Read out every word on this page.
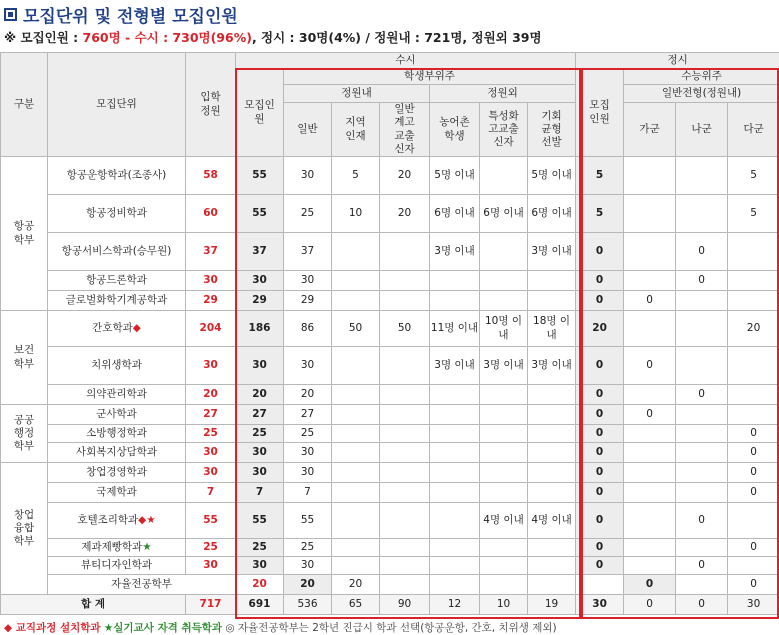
모집단위 및 전형별 모집인원
※ 모집인원 : 760명 - 수시 : 730명(96%), 정시 : 30명(4%) / 정원내 : 721명, 정원외 39명
구분	모집단위	입학정원	수시							정시				
			모집인원	학생부위주						모집인원	수능위주			
				정원내			정원외				일반전형(정원내)			
				일반	지역인재	일반계고교출신자	농어촌학생	특성화고교출신자	기회균형선발		가군	나군	다군	
항공학부	항공운항학과(조종사)	58	55	30	5	20	5명 이내		5명 이내	5			5	
	항공정비학과	60	55	25	10	20	6명 이내	6명 이내	6명 이내	5			5	
	항공서비스학과(승무원)	37	37	37			3명 이내		3명 이내	0		0		
	항공드론학과	30	30	30						0		0		
	글로벌화학기계공학과	29	29	29						0	0			
보건학부	간호학과◆	204	186	86	50	50	11명 이내	10명 이내	18명 이내	20			20	
	치위생학과	30	30	30			3명 이내	3명 이내	3명 이내	0	0			
	의약관리학과	20	20	20						0		0		
공공행정학부	군사학과	27	27	27						0	0			
	소방행정학과	25	25	25						0			0	
	사회복지상담학과	30	30	30						0			0	
창업융합학부	창업경영학과	30	30	30						0			0	
	국제학과	7	7	7						0			0	
	호텔조리학과◆★	55	55	55				4명 이내	4명 이내	0		0		
	제과제빵학과★	25	25	25						0			0	
	뷰티디자인학과	30	30	30						0		0		
	자율전공학부		20	20	20						0		0	
합 계		717	691	536	65	90	12	10	19	30	0	0	30	
◆ 교직과정 설치학과 ★실기교사 자격 취득학과 ◎ 자율전공학부는 2학년 진급시 학과 선택(항공운항, 간호, 치위생 제외)
